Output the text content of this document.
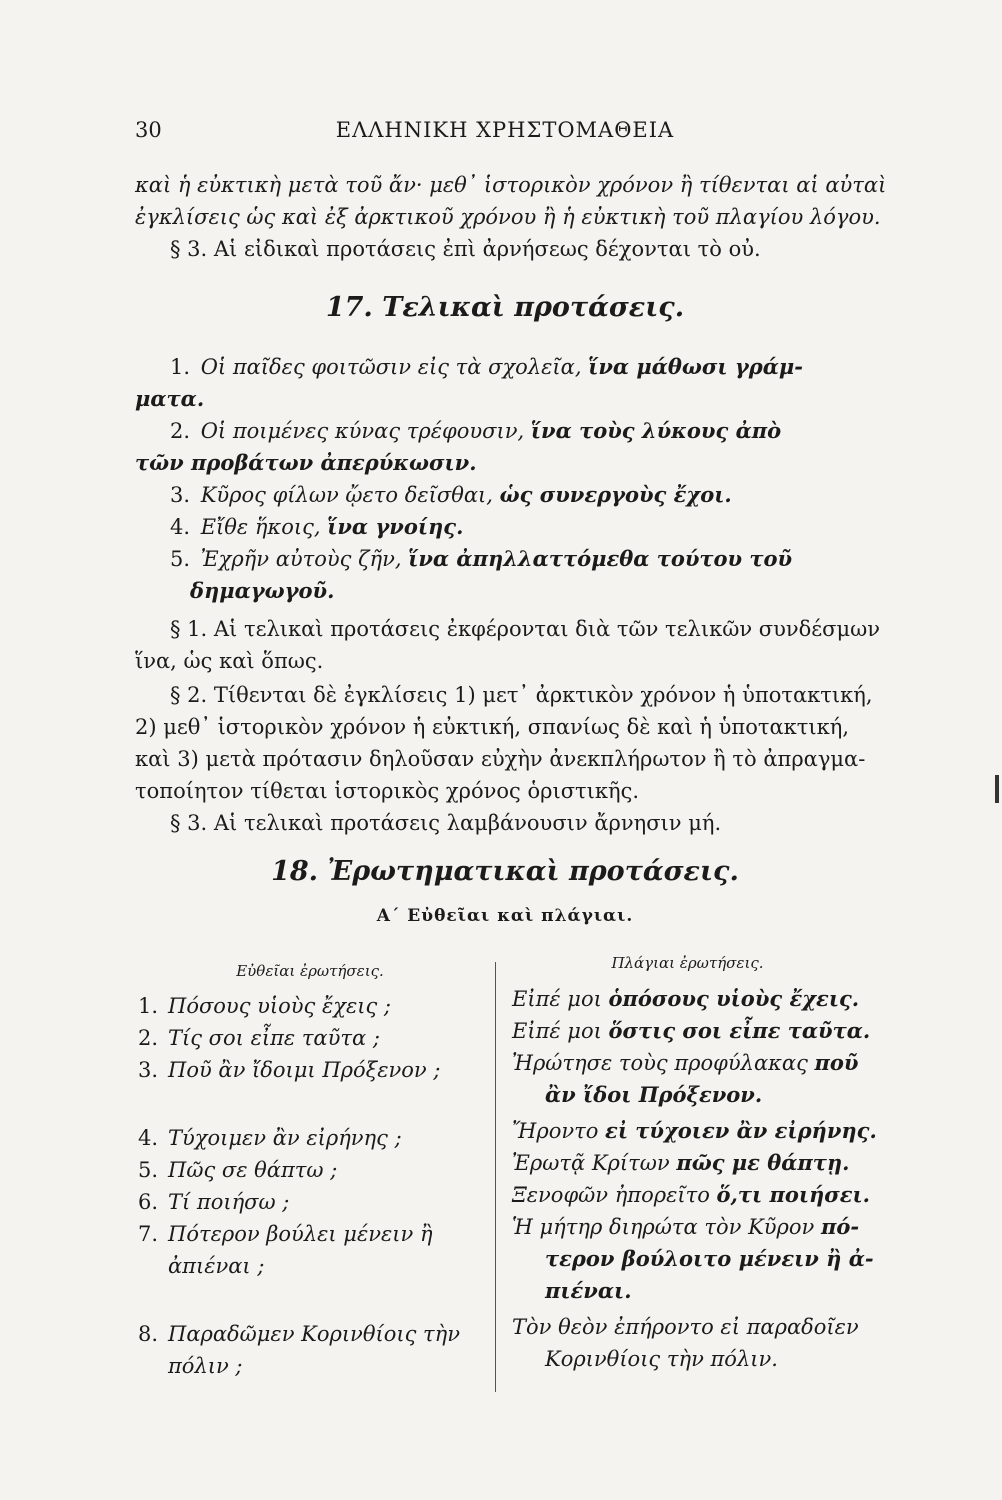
30	ΕΛΛΗΝΙΚΗ ΧΡΗΣΤΟΜΑΘΕΙΑ
καὶ ἡ εὐκτικὴ μετὰ τοῦ ἄν· μεθ᾽ ἱστορικὸν χρόνον ἢ τίθενται αἱ αὐταὶ
ἐγκλίσεις ὡς καὶ ἐξ ἀρκτικοῦ χρόνου ἢ ἡ εὐκτικὴ τοῦ πλαγίου λόγου.
§ 3. Αἱ εἰδικαὶ προτάσεις ἐπὶ ἀρνήσεως δέχονται τὸ οὐ.
17. Τελικαὶ προτάσεις.
1. Οἱ παῖδες φοιτῶσιν εἰς τὰ σχολεῖα, ἵνα μάθωσι γράμ-
ματα.
2. Οἱ ποιμένες κύνας τρέφουσιν, ἵνα τοὺς λύκους ἀπὸ
τῶν προβάτων ἀπερύκωσιν.
3. Κῦρος φίλων ᾤετο δεῖσθαι, ὡς συνεργοὺς ἔχοι.
4. Εἴθε ἥκοις, ἵνα γνοίης.
5. Ἐχρῆν αὐτοὺς ζῆν, ἵνα ἀπηλλαττόμεθα τούτου τοῦ
δημαγωγοῦ.
§ 1. Αἱ τελικαὶ προτάσεις ἐκφέρονται διὰ τῶν τελικῶν συνδέσμων
ἵνα, ὡς καὶ ὅπως.
§ 2. Τίθενται δὲ ἐγκλίσεις 1) μετ᾽ ἀρκτικὸν χρόνον ἡ ὑποτακτική,
2) μεθ᾽ ἱστορικὸν χρόνον ἡ εὐκτική, σπανίως δὲ καὶ ἡ ὑποτακτική,
καὶ 3) μετὰ πρότασιν δηλοῦσαν εὐχὴν ἀνεκπλήρωτον ἢ τὸ ἀπραγμα-
τοποίητον τίθεται ἱστορικὸς χρόνος ὁριστικῆς.
§ 3. Αἱ τελικαὶ προτάσεις λαμβάνουσιν ἄρνησιν μή.
18. Ἐρωτηματικαὶ προτάσεις.
Α΄ Εὐθεῖαι καὶ πλάγιαι.
Εὐθεῖαι ἐρωτήσεις.	Πλάγιαι ἐρωτήσεις.
1. Πόσους υἱοὺς ἔχεις ;
2. Τίς σοι εἶπε ταῦτα ;
3. Ποῦ ἂν ἴδοιμι Πρόξενον ;
4. Τύχοιμεν ἂν εἰρήνης ;
5. Πῶς σε θάπτω ;
6. Τί ποιήσω ;
7. Πότερον βούλει μένειν ἢ
ἀπιέναι ;
8. Παραδῶμεν Κορινθίοις τὴν
πόλιν ;
Εἰπέ μοι ὁπόσους υἱοὺς ἔχεις.
Εἰπέ μοι ὅστις σοι εἶπε ταῦτα.
Ἠρώτησε τοὺς προφύλακας ποῦ
ἂν ἴδοι Πρόξενον.
Ἤροντο εἰ τύχοιεν ἂν εἰρήνης.
Ἐρωτᾷ Κρίτων πῶς με θάπτῃ.
Ξενοφῶν ἠπορεῖτο ὅ,τι ποιήσει.
Ἡ μήτηρ διηρώτα τὸν Κῦρον πό-
τερον βούλοιτο μένειν ἢ ἀ-
πιέναι.
Τὸν θεὸν ἐπήροντο εἰ παραδοῖεν
Κορινθίοις τὴν πόλιν.
